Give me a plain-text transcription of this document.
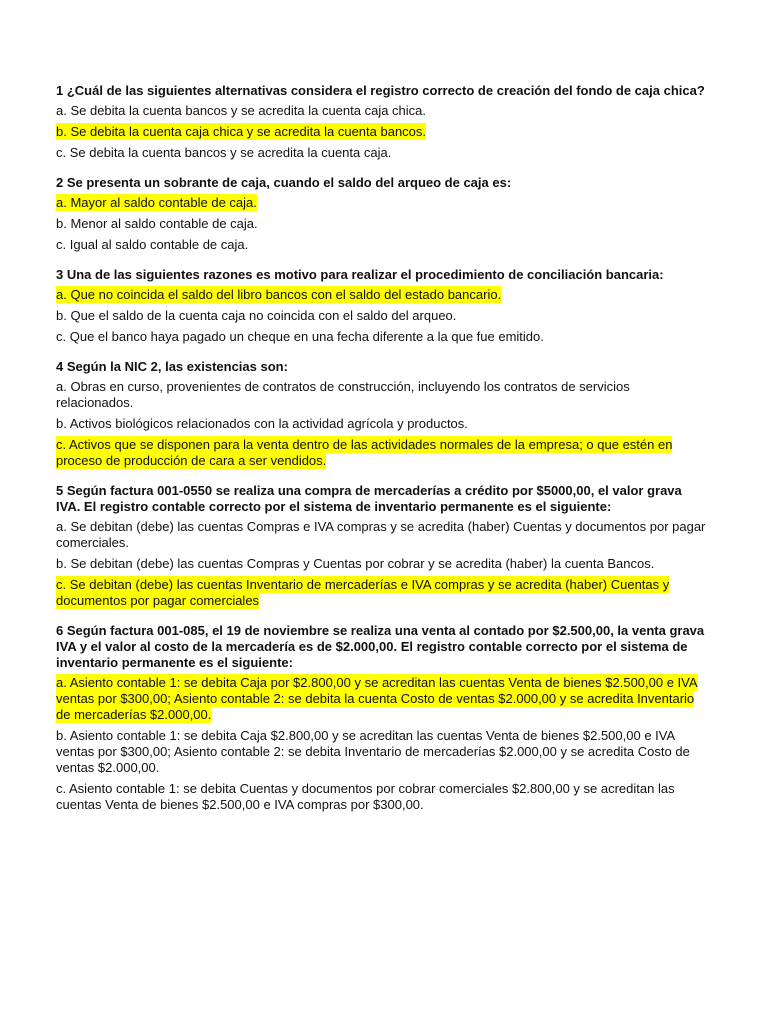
1 ¿Cuál de las siguientes alternativas considera el registro correcto de creación del fondo de caja chica?

a. Se debita la cuenta bancos y se acredita la cuenta caja chica.

b. Se debita la cuenta caja chica y se acredita la cuenta bancos.

c. Se debita la cuenta bancos y se acredita la cuenta caja.

2 Se presenta un sobrante de caja, cuando el saldo del arqueo de caja es:

a. Mayor al saldo contable de caja.

b. Menor al saldo contable de caja.

c. Igual al saldo contable de caja.

3 Una de las siguientes razones es motivo para realizar el procedimiento de conciliación bancaria:

a. Que no coincida el saldo del libro bancos con el saldo del estado bancario.

b. Que el saldo de la cuenta caja no coincida con el saldo del arqueo.

c. Que el banco haya pagado un cheque en una fecha diferente a la que fue emitido.

4 Según la NIC 2, las existencias son:

a. Obras en curso, provenientes de contratos de construcción, incluyendo los contratos de servicios relacionados.

b. Activos biológicos relacionados con la actividad agrícola y productos.

c. Activos que se disponen para la venta dentro de las actividades normales de la empresa; o que estén en proceso de producción de cara a ser vendidos.

5 Según factura 001-0550 se realiza una compra de mercaderías a crédito por $5000,00, el valor grava IVA. El registro contable correcto por el sistema de inventario permanente es el siguiente:

a. Se debitan (debe) las cuentas Compras e IVA compras y se acredita (haber) Cuentas y documentos por pagar comerciales.

b. Se debitan (debe) las cuentas Compras y Cuentas por cobrar y se acredita (haber) la cuenta Bancos.

c. Se debitan (debe) las cuentas Inventario de mercaderías e IVA compras y se acredita (haber) Cuentas y documentos por pagar comerciales

6 Según factura 001-085, el 19 de noviembre se realiza una venta al contado por $2.500,00, la venta grava IVA y el valor al costo de la mercadería es de $2.000,00. El registro contable correcto por el sistema de inventario permanente es el siguiente:

a. Asiento contable 1: se debita Caja por $2.800,00 y se acreditan las cuentas Venta de bienes $2.500,00 e IVA ventas por $300,00; Asiento contable 2: se debita la cuenta Costo de ventas $2.000,00 y se acredita Inventario de mercaderías $2.000,00.

b. Asiento contable 1: se debita Caja $2.800,00 y se acreditan las cuentas Venta de bienes $2.500,00 e IVA ventas por $300,00; Asiento contable 2: se debita Inventario de mercaderías $2.000,00 y se acredita Costo de ventas $2.000,00.

c. Asiento contable 1: se debita Cuentas y documentos por cobrar comerciales $2.800,00 y se acreditan las cuentas Venta de bienes $2.500,00 e IVA compras por $300,00.
